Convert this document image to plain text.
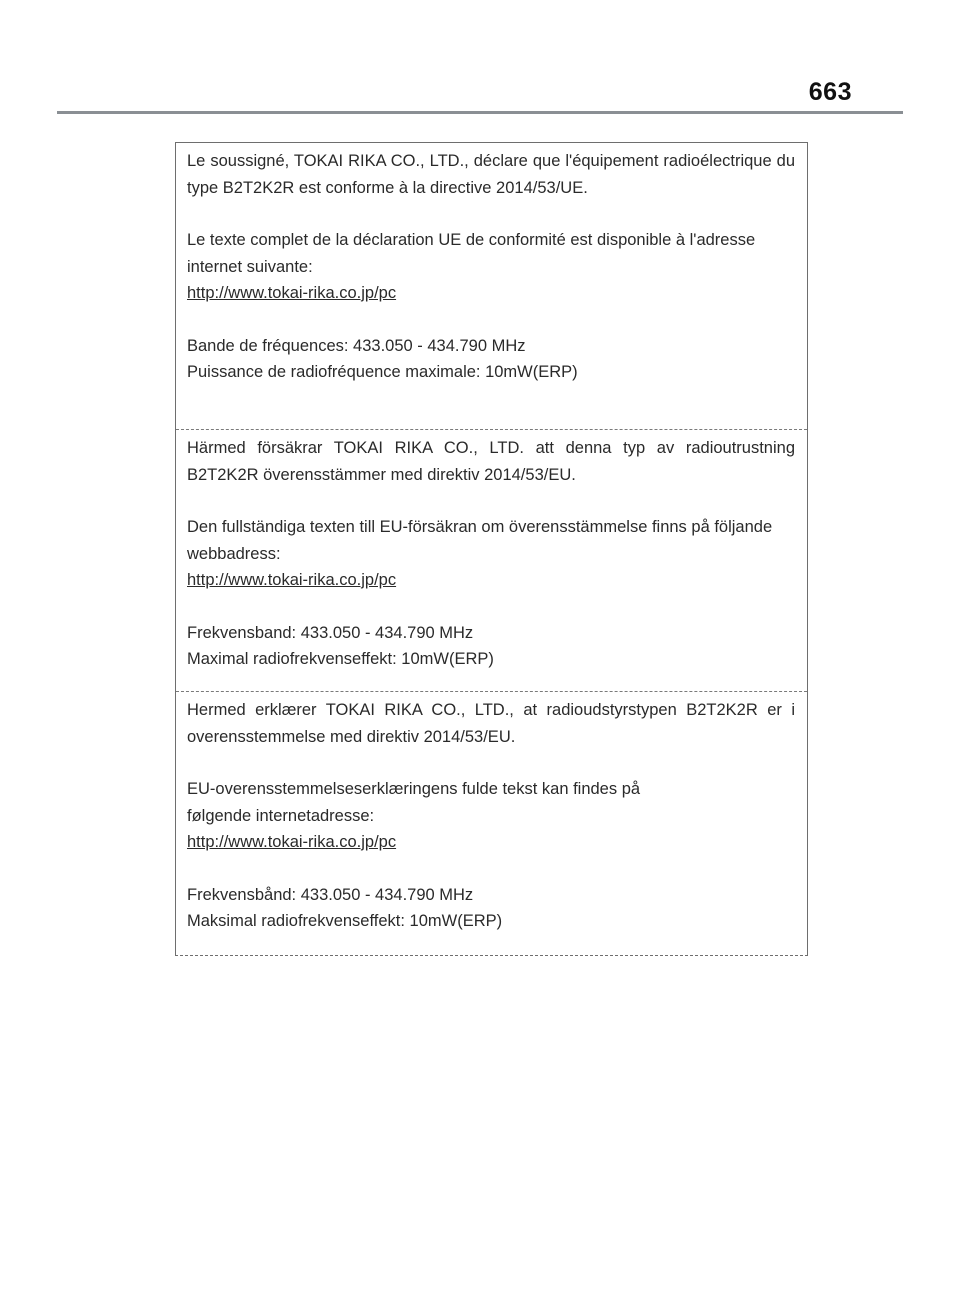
663

Le soussigné, TOKAI RIKA CO., LTD., déclare que l'équipement radioélectrique du type B2T2K2R est conforme à la directive 2014/53/UE.

Le texte complet de la déclaration UE de conformité est disponible à l'adresse internet suivante:
http://www.tokai-rika.co.jp/pc

Bande de fréquences: 433.050 - 434.790 MHz
Puissance de radiofréquence maximale: 10mW(ERP)

Härmed försäkrar TOKAI RIKA CO., LTD. att denna typ av radioutrustning B2T2K2R överensstämmer med direktiv 2014/53/EU.

Den fullständiga texten till EU-försäkran om överensstämmelse finns på följande webbadress:
http://www.tokai-rika.co.jp/pc

Frekvensband: 433.050 - 434.790 MHz
Maximal radiofrekvenseffekt: 10mW(ERP)

Hermed erklærer TOKAI RIKA CO., LTD., at radioudstyrstypen B2T2K2R er i overensstemmelse med direktiv 2014/53/EU.

EU-overensstemmelseserklæringens fulde tekst kan findes på
følgende internetadresse:
http://www.tokai-rika.co.jp/pc

Frekvensbånd: 433.050 - 434.790 MHz
Maksimal radiofrekvenseffekt: 10mW(ERP)
